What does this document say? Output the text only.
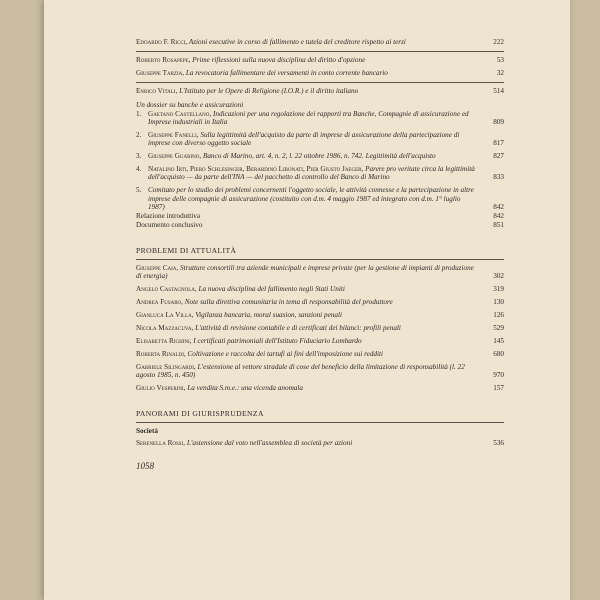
Edoardo F. Ricci, Azioni esecutive in corso di fallimento e tutela del creditore rispetto ai terzi	222
Roberto Rosapepe, Prime riflessioni sulla nuova disciplina del diritto d'opzione	53
Giuseppe Tarzia, La revocatoria fallimentare dei versamenti in conto corrente bancario	32
Enrico Vitali, L'Istituto per le Opere di Religione (I.O.R.) e il diritto italiano	514
Un dossier su banche e assicurazioni
1. Gaetano Castellano, Indicazioni per una regolazione dei rapporti tra Banche, Compagnie di assicurazione ed Imprese industriali in Italia	809
2. Giuseppe Fanelli, Sulla legittimità dell'acquisto da parte di imprese di assicurazione della partecipazione di imprese con diverso oggetto sociale	817
3. Giuseppe Guarino, Banco di Marino, art. 4, n. 2, l. 22 ottobre 1986, n. 742. Legittimità dell'acquisto	827
4. Natalino Irti, Piero Schlesinger, Berardino Libonati, Pier Giusto Jaeger, Parere pro veritate circa la legittimità dell'acquisto — da parte dell'INA — del pacchetto di controllo del Banco di Marino	833
5. Comitato per lo studio dei problemi concernenti l'oggetto sociale, le attività connesse e la partecipazione in altre imprese delle compagnie di assicurazione (costituito con d.m. 4 maggio 1987 ed integrato con d.m. 1° luglio 1987)	842
Relazione introduttiva	842
Documento conclusivo	851
PROBLEMI DI ATTUALITÀ
Giuseppe Caia, Strutture consortili tra aziende municipali e imprese private (per la gestione di impianti di produzione di energia)	302
Angelo Castagnola, La nuova disciplina del fallimento negli Stati Uniti	319
Andrea Fusaro, Note sulla direttiva comunitaria in tema di responsabilità del produttore	130
Gianluca La Villa, Vigilanza bancaria, moral suasion, sanzioni penali	126
Nicola Mazzacuva, L'attività di revisione contabile e di certificati dei bilanci: profili penali	529
Elisabetta Righini, I certificati patrimoniali dell'Istituto Fiduciario Lombardo	145
Roberta Rinaldi, Coltivazione e raccolta dei tartufi ai fini dell'imposizione sui redditi	680
Gabriele Silingardi, L'estensione al vettore stradale di cose del beneficio della limitazione di responsabilità (l. 22 agosto 1985, n. 450)	970
Giulio Vesperini, La vendita S.m.e.: una vicenda anomala	157
PANORAMI DI GIURISPRUDENZA
Società
Serenella Rossi, L'astensione dal voto nell'assemblea di società per azioni	536
1058
